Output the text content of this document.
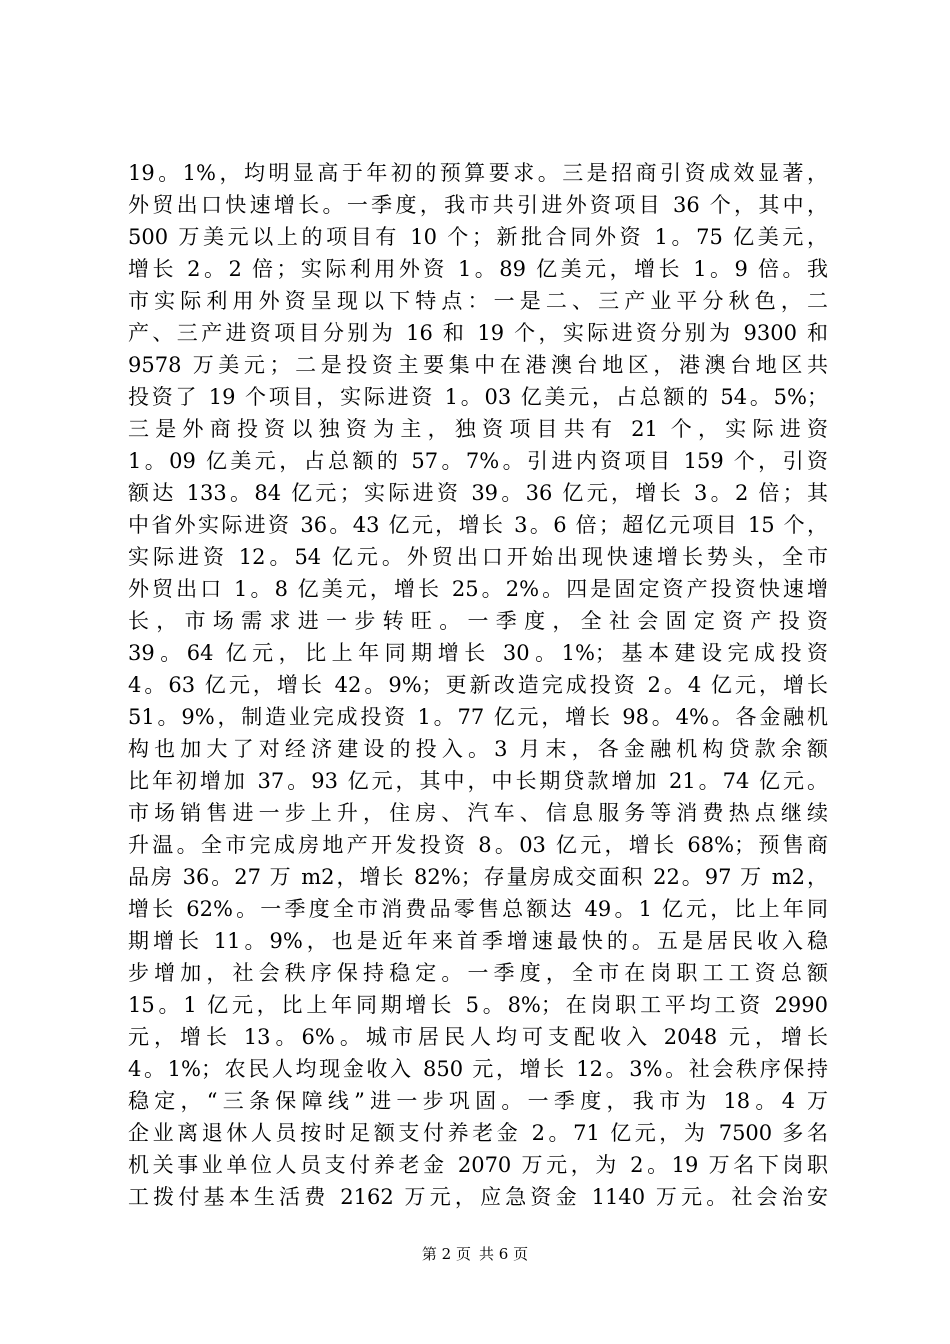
19。1%，均明显高于年初的预算要求。三是招商引资成效显著，
外贸出口快速增长。一季度，我市共引进外资项目 36 个，其中，
500 万美元以上的项目有 10 个；新批合同外资 1。75 亿美元，
增长 2。2 倍；实际利用外资 1。89 亿美元，增长 1。9 倍。我
市实际利用外资呈现以下特点：一是二、三产业平分秋色，二
产、三产进资项目分别为 16 和 19 个，实际进资分别为 9300 和
9578 万美元；二是投资主要集中在港澳台地区，港澳台地区共
投资了 19 个项目，实际进资 1。03 亿美元，占总额的 54。5%；
三是外商投资以独资为主，独资项目共有 21 个，实际进资
1。09 亿美元，占总额的 57。7%。引进内资项目 159 个，引资
额达 133。84 亿元；实际进资 39。36 亿元，增长 3。2 倍；其
中省外实际进资 36。43 亿元，增长 3。6 倍；超亿元项目 15 个，
实际进资 12。54 亿元。外贸出口开始出现快速增长势头，全市
外贸出口 1。8 亿美元，增长 25。2%。四是固定资产投资快速增
长，市场需求进一步转旺。一季度，全社会固定资产投资
39。64 亿元，比上年同期增长 30。1%；基本建设完成投资
4。63 亿元，增长 42。9%；更新改造完成投资 2。4 亿元，增长
51。9%，制造业完成投资 1。77 亿元，增长 98。4%。各金融机
构也加大了对经济建设的投入。3 月末，各金融机构贷款余额
比年初增加 37。93 亿元，其中，中长期贷款增加 21。74 亿元。
市场销售进一步上升，住房、汽车、信息服务等消费热点继续
升温。全市完成房地产开发投资 8。03 亿元，增长 68%；预售商
品房 36。27 万 m2，增长 82%；存量房成交面积 22。97 万 m2，
增长 62%。一季度全市消费品零售总额达 49。1 亿元，比上年同
期增长 11。9%，也是近年来首季增速最快的。五是居民收入稳
步增加，社会秩序保持稳定。一季度，全市在岗职工工资总额
15。1 亿元，比上年同期增长 5。8%；在岗职工平均工资 2990
元，增长 13。6%。城市居民人均可支配收入 2048 元，增长
4。1%；农民人均现金收入 850 元，增长 12。3%。社会秩序保持
稳定，“三条保障线”进一步巩固。一季度，我市为 18。4 万
企业离退休人员按时足额支付养老金 2。71 亿元，为 7500 多名
机关事业单位人员支付养老金 2070 万元，为 2。19 万名下岗职
工拨付基本生活费 2162 万元，应急资金 1140 万元。社会治安
第 2 页 共 6 页
